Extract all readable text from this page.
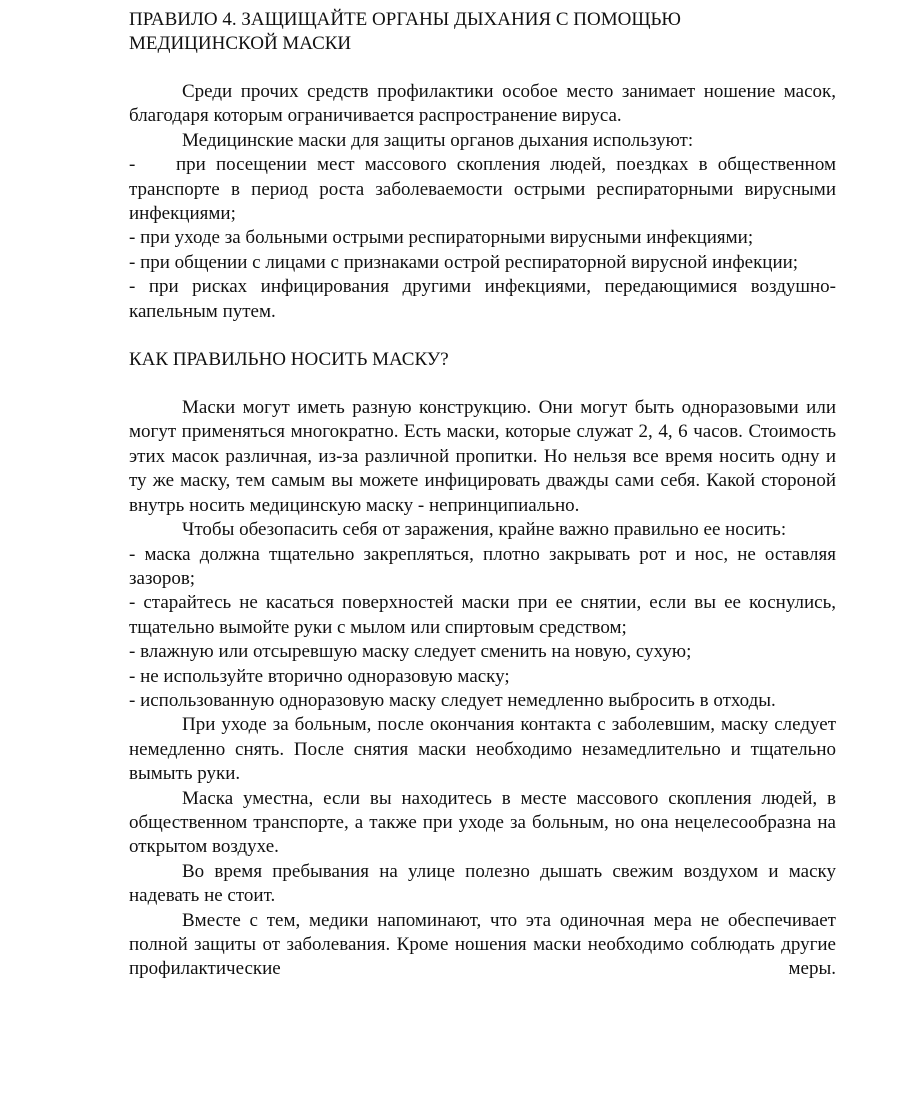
ПРАВИЛО 4. ЗАЩИЩАЙТЕ ОРГАНЫ ДЫХАНИЯ С ПОМОЩЬЮ
МЕДИЦИНСКОЙ МАСКИ

Среди прочих средств профилактики особое место занимает ношение масок, благодаря которым ограничивается распространение вируса.

Медицинские маски для защиты органов дыхания используют:

-    при посещении мест массового скопления людей, поездках в общественном транспорте в период роста заболеваемости острыми респираторными вирусными инфекциями;

- при уходе за больными острыми респираторными вирусными инфекциями;

- при общении с лицами с признаками острой респираторной вирусной инфекции;

- при рисках инфицирования другими инфекциями, передающимися воздушно-капельным путем.

КАК ПРАВИЛЬНО НОСИТЬ МАСКУ?

Маски могут иметь разную конструкцию. Они могут быть одноразовыми или могут применяться многократно. Есть маски, которые служат 2, 4, 6 часов. Стоимость этих масок различная, из-за различной пропитки. Но нельзя все время носить одну и ту же маску, тем самым вы можете инфицировать дважды сами себя. Какой стороной внутрь носить медицинскую маску - непринципиально.

Чтобы обезопасить себя от заражения, крайне важно правильно ее носить:

- маска должна тщательно закрепляться, плотно закрывать рот и нос, не оставляя зазоров;

- старайтесь не касаться поверхностей маски при ее снятии, если вы ее коснулись, тщательно вымойте руки с мылом или спиртовым средством;

- влажную или отсыревшую маску следует сменить на новую, сухую;

- не используйте вторично одноразовую маску;

- использованную одноразовую маску следует немедленно выбросить в отходы.

При уходе за больным, после окончания контакта с заболевшим, маску следует немедленно снять. После снятия маски необходимо незамедлительно и тщательно вымыть руки.

Маска уместна, если вы находитесь в месте массового скопления людей, в общественном транспорте, а также при уходе за больным, но она нецелесообразна на открытом воздухе.

Во время пребывания на улице полезно дышать свежим воздухом и маску надевать не стоит.

Вместе с тем, медики напоминают, что эта одиночная мера не обеспечивает полной защиты от заболевания. Кроме ношения маски необходимо соблюдать другие профилактические меры.
